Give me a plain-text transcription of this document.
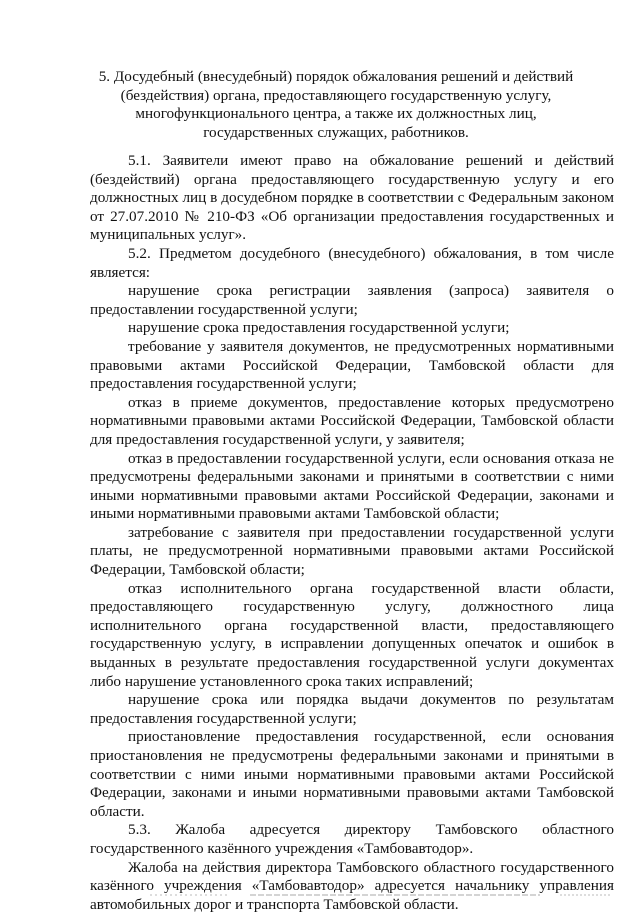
5. Досудебный (внесудебный) порядок обжалования решений и действий (бездействия) органа, предоставляющего государственную услугу, многофункционального центра, а также их должностных лиц, государственных служащих, работников.

5.1. Заявители имеют право на обжалование решений и действий (бездействий) органа предоставляющего государственную услугу и его должностных лиц в досудебном порядке в соответствии с Федеральным законом от 27.07.2010 № 210-ФЗ «Об организации предоставления государственных и муниципальных услуг».

5.2. Предметом досудебного (внесудебного) обжалования, в том числе является:

нарушение срока регистрации заявления (запроса) заявителя о предоставлении государственной услуги;

нарушение срока предоставления государственной услуги;

требование у заявителя документов, не предусмотренных нормативными правовыми актами Российской Федерации, Тамбовской области для предоставления государственной услуги;

отказ в приеме документов, предоставление которых предусмотрено нормативными правовыми актами Российской Федерации, Тамбовской области для предоставления государственной услуги, у заявителя;

отказ в предоставлении государственной услуги, если основания отказа не предусмотрены федеральными законами и принятыми в соответствии с ними иными нормативными правовыми актами Российской Федерации, законами и иными нормативными правовыми актами Тамбовской области;

затребование с заявителя при предоставлении государственной услуги платы, не предусмотренной нормативными правовыми актами Российской Федерации, Тамбовской области;

отказ исполнительного органа государственной власти области, предоставляющего государственную услугу, должностного лица исполнительного органа государственной власти, предоставляющего государственную услугу, в исправлении допущенных опечаток и ошибок в выданных в результате предоставления государственной услуги документах либо нарушение установленного срока таких исправлений;

нарушение срока или порядка выдачи документов по результатам предоставления государственной услуги;

приостановление предоставления государственной, если основания приостановления не предусмотрены федеральными законами и принятыми в соответствии с ними иными нормативными правовыми актами Российской Федерации, законами и иными нормативными правовыми актами Тамбовской области.

5.3. Жалоба адресуется директору Тамбовского областного государственного казённого учреждения «Тамбовавтодор».

Жалоба на действия директора Тамбовского областного государственного казённого учреждения «Тамбовавтодор» адресуется начальнику управления автомобильных дорог и транспорта Тамбовской области.
